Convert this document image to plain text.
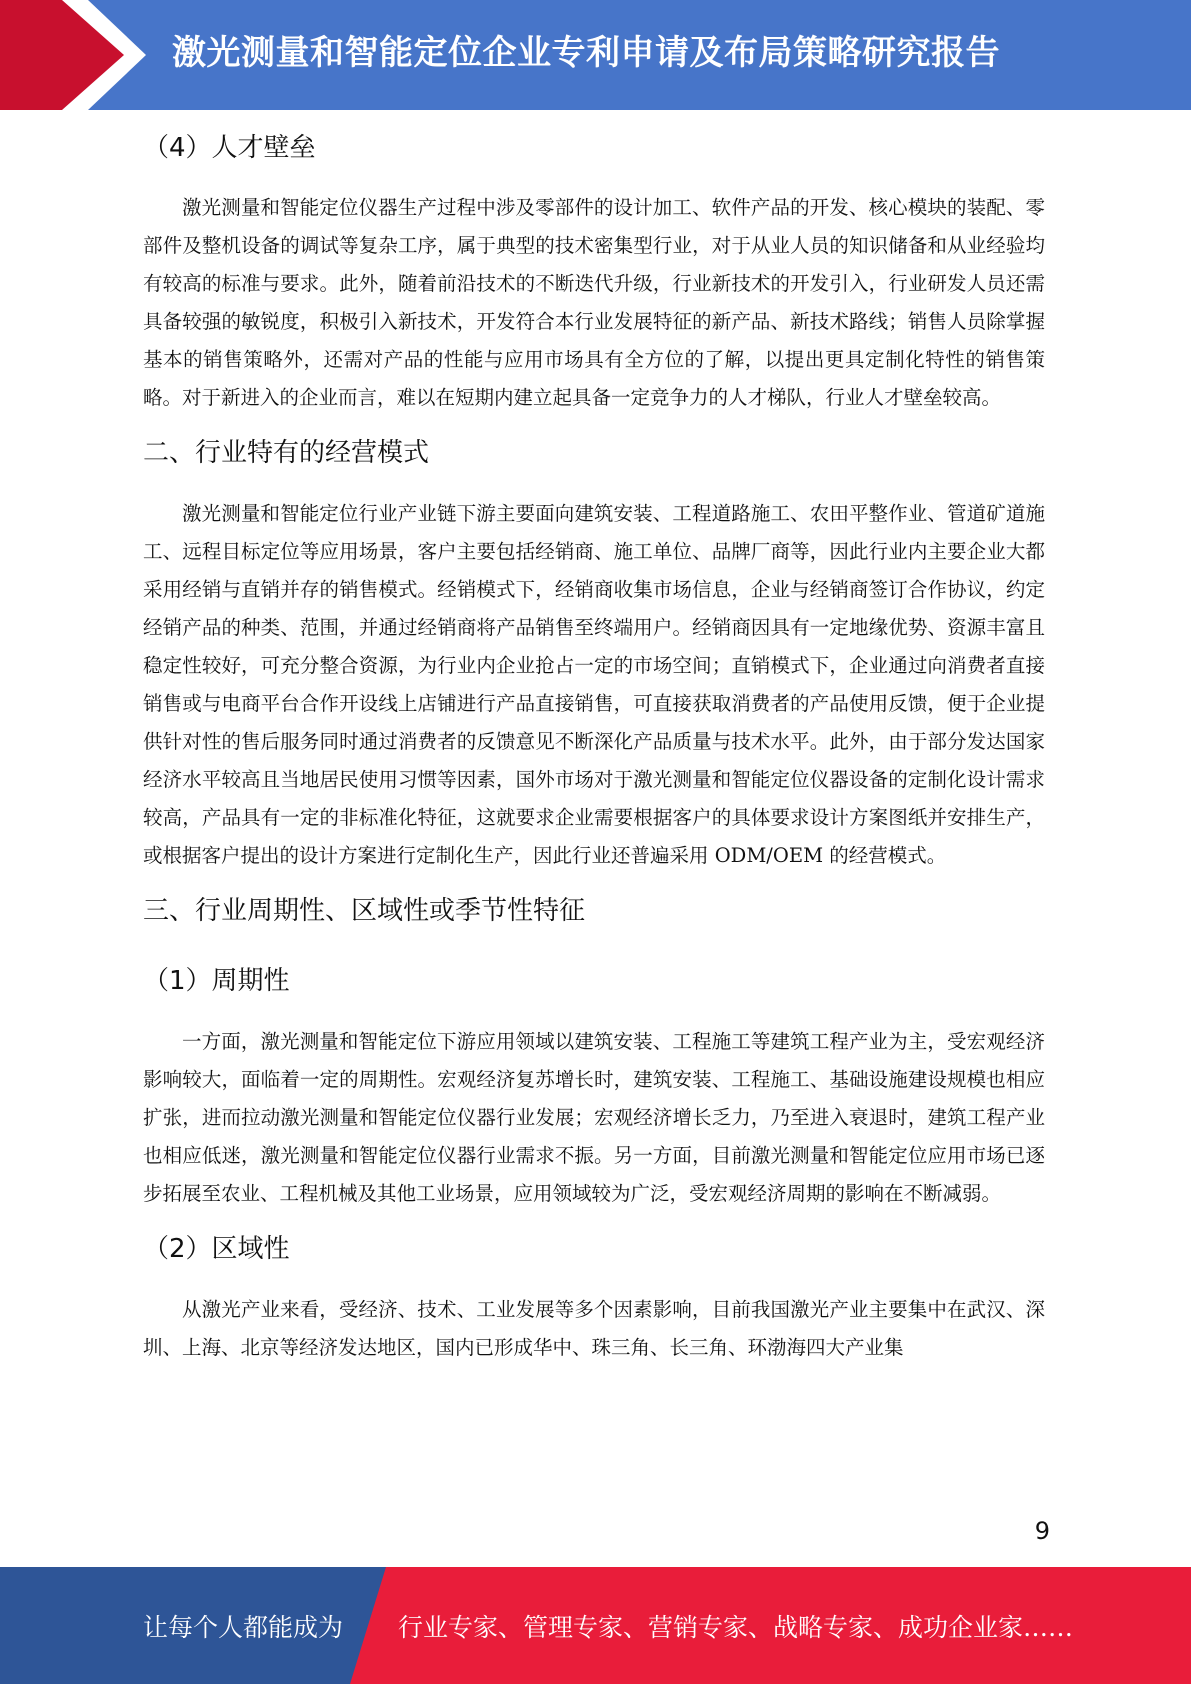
激光测量和智能定位企业专利申请及布局策略研究报告
（4）人才壁垒

激光测量和智能定位仪器生产过程中涉及零部件的设计加工、软件产品的开发、核心模块的装配、零部件及整机设备的调试等复杂工序，属于典型的技术密集型行业，对于从业人员的知识储备和从业经验均有较高的标准与要求。此外，随着前沿技术的不断迭代升级，行业新技术的开发引入，行业研发人员还需具备较强的敏锐度，积极引入新技术，开发符合本行业发展特征的新产品、新技术路线；销售人员除掌握基本的销售策略外，还需对产品的性能与应用市场具有全方位的了解，以提出更具定制化特性的销售策略。对于新进入的企业而言，难以在短期内建立起具备一定竞争力的人才梯队，行业人才壁垒较高。

二、行业特有的经营模式

激光测量和智能定位行业产业链下游主要面向建筑安装、工程道路施工、农田平整作业、管道矿道施工、远程目标定位等应用场景，客户主要包括经销商、施工单位、品牌厂商等，因此行业内主要企业大都采用经销与直销并存的销售模式。经销模式下，经销商收集市场信息，企业与经销商签订合作协议，约定经销产品的种类、范围，并通过经销商将产品销售至终端用户。经销商因具有一定地缘优势、资源丰富且稳定性较好，可充分整合资源，为行业内企业抢占一定的市场空间；直销模式下，企业通过向消费者直接销售或与电商平台合作开设线上店铺进行产品直接销售，可直接获取消费者的产品使用反馈，便于企业提供针对性的售后服务同时通过消费者的反馈意见不断深化产品质量与技术水平。此外，由于部分发达国家经济水平较高且当地居民使用习惯等因素，国外市场对于激光测量和智能定位仪器设备的定制化设计需求较高，产品具有一定的非标准化特征，这就要求企业需要根据客户的具体要求设计方案图纸并安排生产，或根据客户提出的设计方案进行定制化生产，因此行业还普遍采用 ODM/OEM 的经营模式。

三、行业周期性、区域性或季节性特征
（1）周期性

一方面，激光测量和智能定位下游应用领域以建筑安装、工程施工等建筑工程产业为主，受宏观经济影响较大，面临着一定的周期性。宏观经济复苏增长时，建筑安装、工程施工、基础设施建设规模也相应扩张，进而拉动激光测量和智能定位仪器行业发展；宏观经济增长乏力，乃至进入衰退时，建筑工程产业也相应低迷，激光测量和智能定位仪器行业需求不振。另一方面，目前激光测量和智能定位应用市场已逐步拓展至农业、工程机械及其他工业场景，应用领域较为广泛，受宏观经济周期的影响在不断减弱。

（2）区域性

从激光产业来看，受经济、技术、工业发展等多个因素影响，目前我国激光产业主要集中在武汉、深圳、上海、北京等经济发达地区，国内已形成华中、珠三角、长三角、环渤海四大产业集

9
让每个人都能成为 行业专家、管理专家、营销专家、战略专家、成功企业家……
